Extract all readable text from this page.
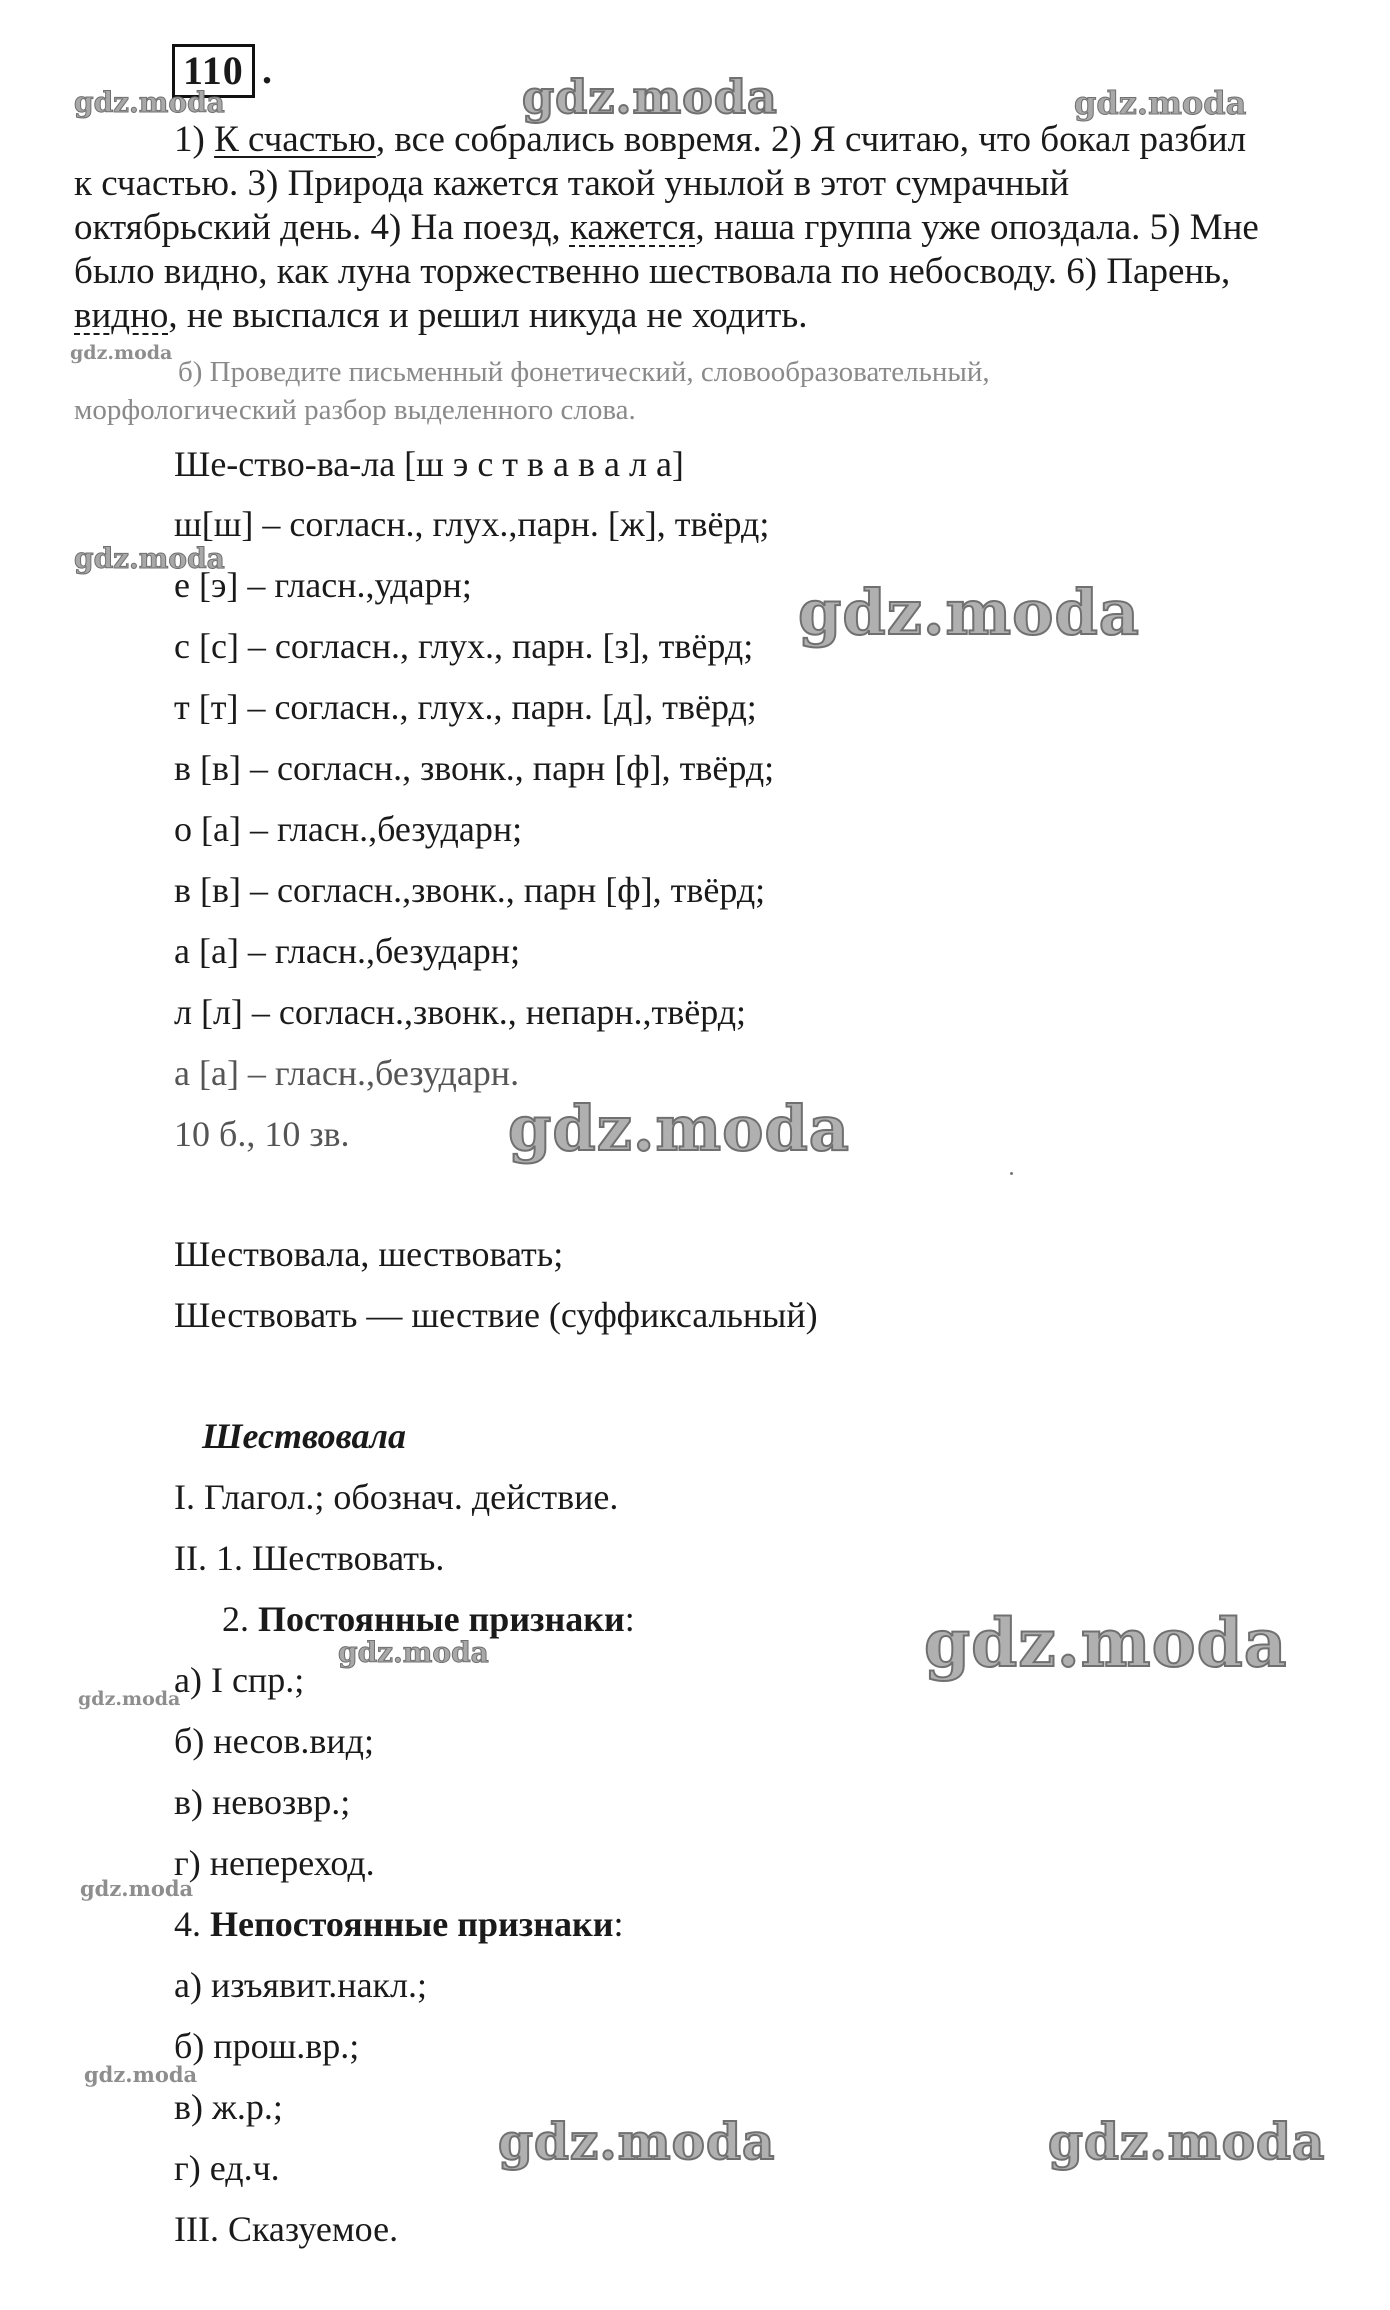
110 .
1) К счастью, все собрались вовремя. 2) Я считаю, что бокал разбил
к счастью. 3) Природа кажется такой унылой в этот сумрачный
октябрьский день. 4) На поезд, кажется, наша группа уже опоздала. 5) Мне
было видно, как луна торжественно шествовала по небосводу. 6) Парень,
видно, не выспался и решил никуда не ходить.
б) Проведите письменный фонетический, словообразовательный,
морфологический разбор выделенного слова.
Ше-ство-ва-ла [ш э с т в а в а л а]
ш[ш] – согласн., глух.,парн. [ж], твёрд;
е [э] – гласн.,ударн;
с [с] – согласн., глух., парн. [з], твёрд;
т [т] – согласн., глух., парн. [д], твёрд;
в [в] – согласн., звонк., парн [ф], твёрд;
о [а] – гласн.,безударн;
в [в] – согласн.,звонк., парн [ф], твёрд;
а [а] – гласн.,безударн;
л [л] – согласн.,звонк., непарн.,твёрд;
а [а] – гласн.,безударн.
10 б., 10 зв.
Шествовала, шествовать;
Шествовать — шествие (суффиксальный)
Шествовала
I. Глагол.; обознач. действие.
II. 1. Шествовать.
2. Постоянные признаки:
а) I спр.;
б) несов.вид;
в) невозвр.;
г) непереход.
4. Непостоянные признаки:
а) изъявит.накл.;
б) прош.вр.;
в) ж.р.;
г) ед.ч.
III. Сказуемое.
gdz.moda	gdz.moda	gdz.moda
gdz.moda
gdz.moda
gdz.moda
gdz.moda
gdz.moda
gdz.moda
gdz.moda
gdz.moda
gdz.moda
gdz.moda	gdz.moda
